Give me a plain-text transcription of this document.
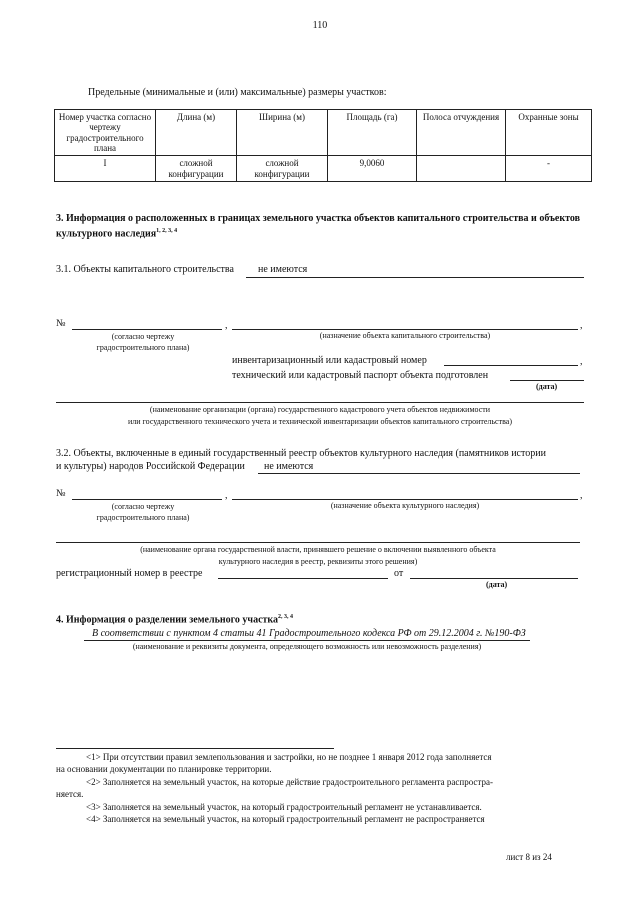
110
Предельные (минимальные и (или) максимальные) размеры участков:
Номер участка согласно чертежу градостроительного плана	Длина (м)	Ширина (м)	Площадь (га)	Полоса отчуждения	Охранные зоны
I	сложной конфигурации	сложной конфигурации	9,0060		-
3. Информация о расположенных в границах земельного участка объектов капитального строительства и объектов культурного наследия$^{1, 2, 3, 4}$
3.1. Объекты капитального строительства не имеются
№	,	,
(согласно чертежу градостроительного плана)
(назначение объекта капитального строительства)
инвентаризационный или кадастровый номер	,
технический или кадастровый паспорт объекта подготовлен
(дата)
(наименование организации (органа) государственного кадастрового учета объектов недвижимости
или государственного технического учета и технической инвентаризации объектов капитального строительства)
3.2. Объекты, включенные в единый государственный реестр объектов культурного наследия (памятников истории
и культуры) народов Российской Федерации не имеются
№	,	,
(согласно чертежу градостроительного плана)
(назначение объекта культурного наследия)
(наименование органа государственной власти, принявшего решение о включении выявленного объекта
культурного наследия в реестр, реквизиты этого решения)
регистрационный номер в реестре	от
(дата)
4. Информация о разделении земельного участка$^{2, 3, 4}$
В соответствии с пунктом 4 статьи 41 Градостроительного кодекса РФ от 29.12.2004 г. №190-ФЗ
(наименование и реквизиты документа, определяющего возможность или невозможность разделения)
<1> При отсутствии правил землепользования и застройки, но не позднее 1 января 2012 года заполняется
на основании документации по планировке территории.
<2> Заполняется на земельный участок, на которые действие градостроительного регламента распростра-
няется.
<3> Заполняется на земельный участок, на который градостроительный регламент не устанавливается.
<4> Заполняется на земельный участок, на который градостроительный регламент не распространяется
лист 8 из 24
